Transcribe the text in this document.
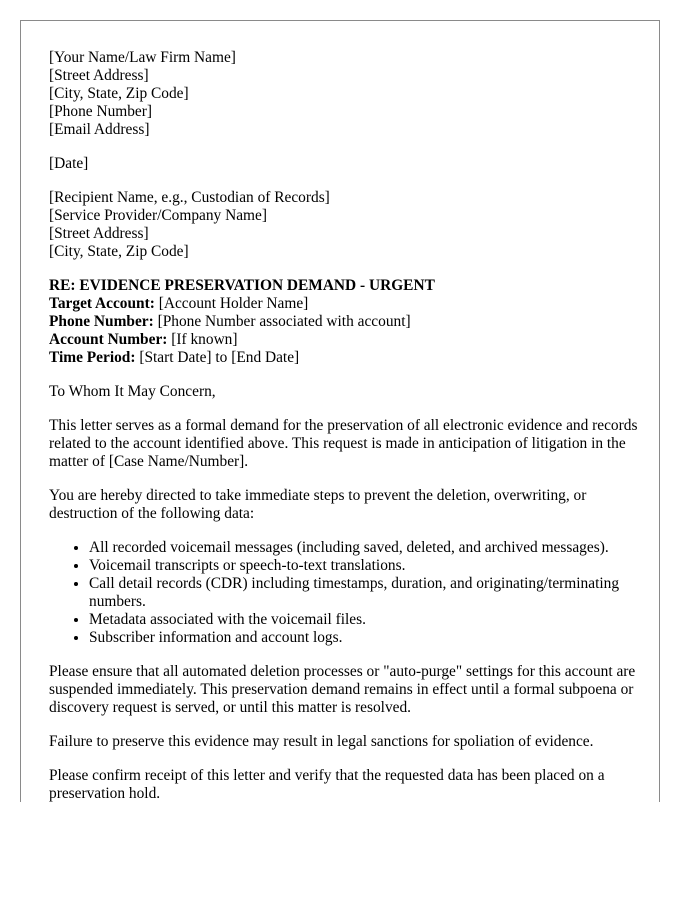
[Your Name/Law Firm Name]
[Street Address]
[City, State, Zip Code]
[Phone Number]
[Email Address]
[Date]
[Recipient Name, e.g., Custodian of Records]
[Service Provider/Company Name]
[Street Address]
[City, State, Zip Code]
RE: EVIDENCE PRESERVATION DEMAND - URGENT
Target Account: [Account Holder Name]
Phone Number: [Phone Number associated with account]
Account Number: [If known]
Time Period: [Start Date] to [End Date]

To Whom It May Concern,

This letter serves as a formal demand for the preservation of all electronic evidence and records related to the account identified above. This request is made in anticipation of litigation in the matter of [Case Name/Number].

You are hereby directed to take immediate steps to prevent the deletion, overwriting, or destruction of the following data:

• All recorded voicemail messages (including saved, deleted, and archived messages).
• Voicemail transcripts or speech-to-text translations.
• Call detail records (CDR) including timestamps, duration, and originating/terminating numbers.
• Metadata associated with the voicemail files.
• Subscriber information and account logs.

Please ensure that all automated deletion processes or "auto-purge" settings for this account are suspended immediately. This preservation demand remains in effect until a formal subpoena or discovery request is served, or until this matter is resolved.

Failure to preserve this evidence may result in legal sanctions for spoliation of evidence.

Please confirm receipt of this letter and verify that the requested data has been placed on a preservation hold.
